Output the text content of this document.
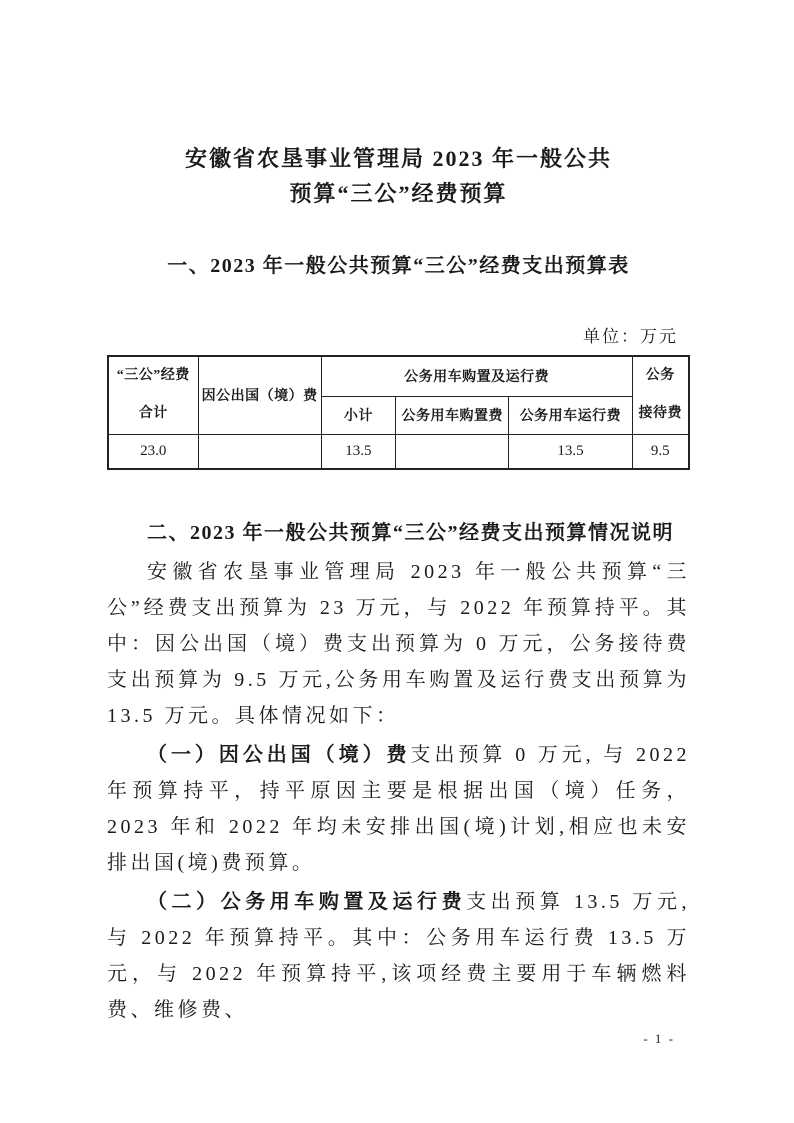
安徽省农垦事业管理局 2023 年一般公共
预算“三公”经费预算
一、2023 年一般公共预算“三公”经费支出预算表
单位：万元
“三公”经费
合计
	因公出国（境）费	公务用车购置及运行费	公务
接待费

		小计	公务用车购置费	公务用车运行费	
23.0		13.5		13.5	9.5
二、2023 年一般公共预算“三公”经费支出预算情况说明

安徽省农垦事业管理局 2023 年一般公共预算“三公”经费支出预算为 23 万元，与 2022 年预算持平。其中：因公出国（境）费支出预算为 0 万元，公务接待费支出预算为 9.5 万元,公务用车购置及运行费支出预算为 13.5 万元。具体情况如下：

（一）因公出国（境）费支出预算 0 万元, 与 2022 年预算持平，持平原因主要是根据出国（境）任务，2023 年和 2022 年均未安排出国(境)计划,相应也未安排出国(境)费预算。

（二）公务用车购置及运行费支出预算 13.5 万元, 与 2022 年预算持平。其中：公务用车运行费 13.5 万元，与 2022 年预算持平,该项经费主要用于车辆燃料费、维修费、

- 1 -
